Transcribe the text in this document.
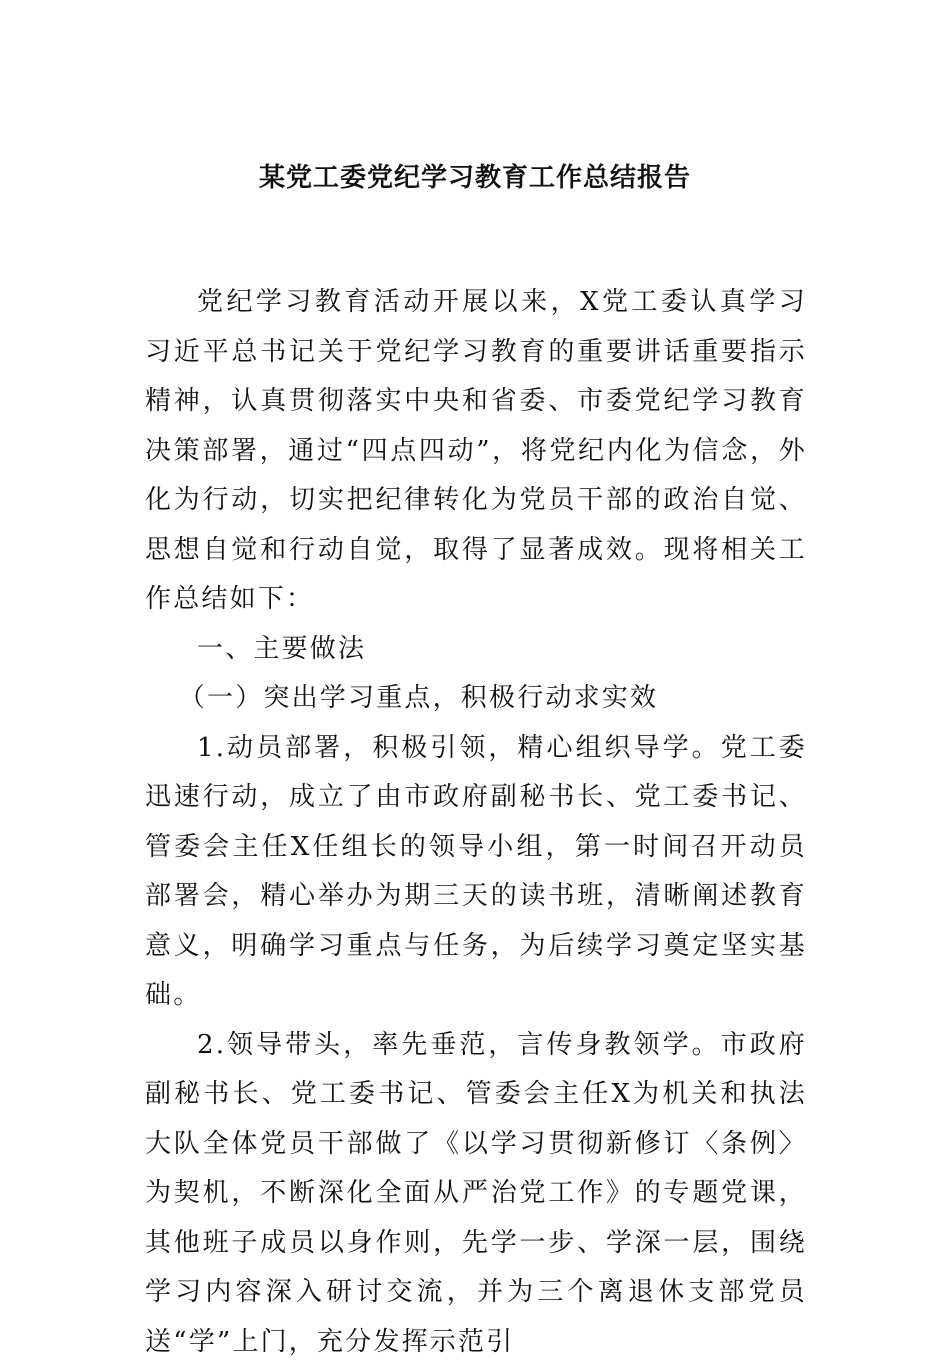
某党工委党纪学习教育工作总结报告

党纪学习教育活动开展以来，X党工委认真学习习近平总书记关于党纪学习教育的重要讲话重要指示精神，认真贯彻落实中央和省委、市委党纪学习教育决策部署，通过“四点四动”，将党纪内化为信念，外化为行动，切实把纪律转化为党员干部的政治自觉、思想自觉和行动自觉，取得了显著成效。现将相关工作总结如下：

一、主要做法

（一）突出学习重点，积极行动求实效

1.动员部署，积极引领，精心组织导学。党工委迅速行动，成立了由市政府副秘书长、党工委书记、管委会主任X任组长的领导小组，第一时间召开动员部署会，精心举办为期三天的读书班，清晰阐述教育意义，明确学习重点与任务，为后续学习奠定坚实基础。

2.领导带头，率先垂范，言传身教领学。市政府副秘书长、党工委书记、管委会主任X为机关和执法大队全体党员干部做了《以学习贯彻新修订〈条例〉为契机，不断深化全面从严治党工作》的专题党课，其他班子成员以身作则，先学一步、学深一层，围绕学习内容深入研讨交流，并为三个离退休支部党员送“学”上门，充分发挥示范引
